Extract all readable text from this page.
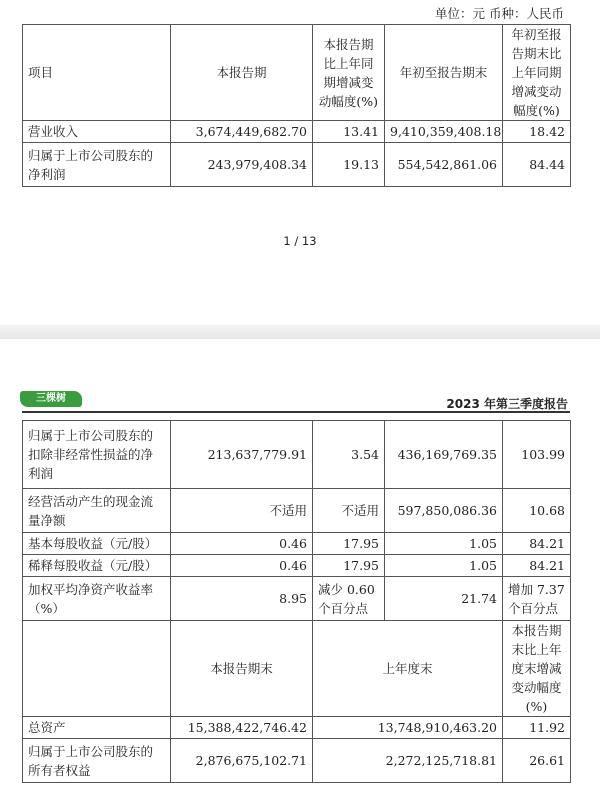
单位：元 币种：人民币
项目	本报告期	本报告期比上年同期增减变动幅度(%)	年初至报告期末	年初至报告期末比上年同期增减变动幅度(%)
营业收入	3,674,449,682.70	13.41	9,410,359,408.18	18.42
归属于上市公司股东的净利润	243,979,408.34	19.13	554,542,861.06	84.44
1 / 13
三棵树	2023 年第三季度报告
归属于上市公司股东的扣除非经常性损益的净利润	213,637,779.91	3.54	436,169,769.35	103.99
经营活动产生的现金流量净额	不适用	不适用	597,850,086.36	10.68
基本每股收益（元/股）	0.46	17.95	1.05	84.21
稀释每股收益（元/股）	0.46	17.95	1.05	84.21
加权平均净资产收益率（%）	8.95	减少 0.60 个百分点	21.74	增加 7.37 个百分点
	本报告期末	上年度末		本报告期末比上年度末增减变动幅度(%)
总资产	15,388,422,746.42	13,748,910,463.20		11.92
归属于上市公司股东的所有者权益	2,876,675,102.71	2,272,125,718.81		26.61
